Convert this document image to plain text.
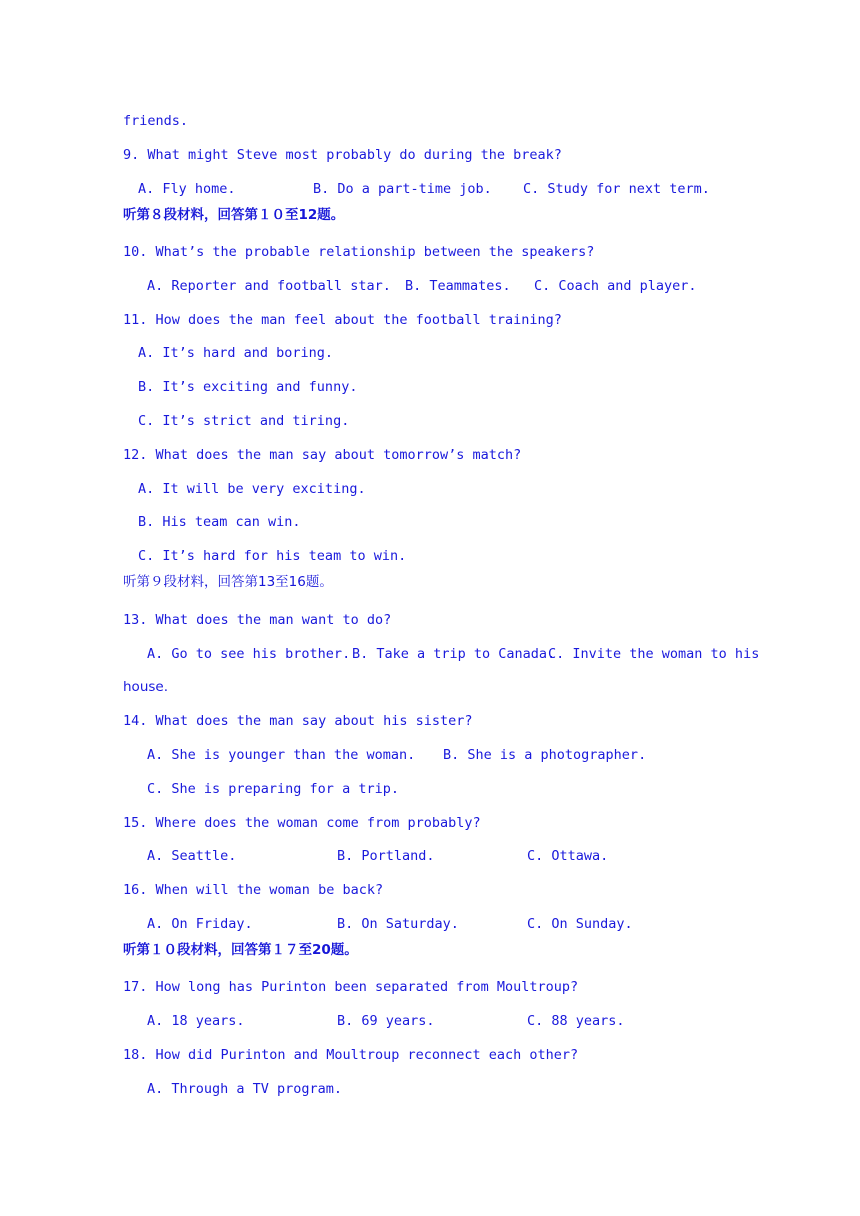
friends.
9. What might Steve most probably do during the break?
A. Fly home.	B. Do a part-time job. C. Study for next term.
听第８段材料，回答第１０至12题。
10. What’s the probable relationship between the speakers?
A. Reporter and football star. B. Teammates. C. Coach and player.
11. How does the man feel about the football training?
A. It’s hard and boring.
B. It’s exciting and funny.
C. It’s strict and tiring.
12. What does the man say about tomorrow’s match?
A. It will be very exciting.
B. His team can win.
C. It’s hard for his team to win.
听第９段材料，回答第13至16题。
13. What does the man want to do?
A. Go to see his brother. B. Take a trip to Canada.
C. Invite the woman to his
house.
14. What does the man say about his sister?
A. She is younger than the woman. B. She is a photographer.
C. She is preparing for a trip.
15. Where does the woman come from probably?
A. Seattle.	B. Portland.	C. Ottawa.
16. When will the woman be back?
A. On Friday.	B. On Saturday.	C. On Sunday.
听第１０段材料，回答第１７至20题。
17. How long has Purinton been separated from Moultroup?
A. 18 years.	B. 69 years.	C. 88 years.
18. How did Purinton and Moultroup reconnect each other?
A. Through a TV program.
